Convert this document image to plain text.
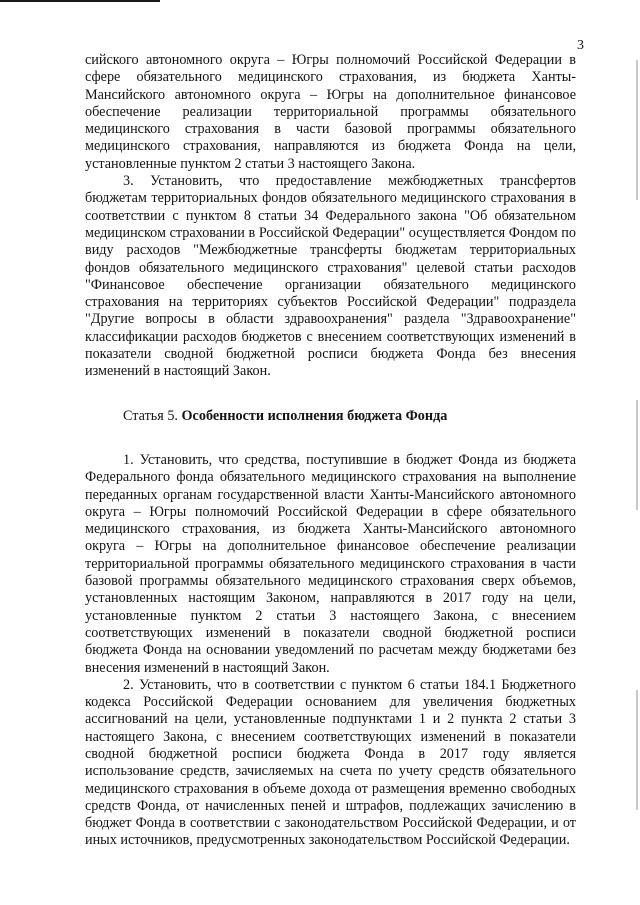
3

сийского автономного округа – Югры полномочий Российской Федерации в сфере обязательного медицинского страхования, из бюджета Ханты-Мансийского автономного округа – Югры на дополнительное финансовое обеспечение реализации территориальной программы обязательного медицинского страхования в части базовой программы обязательного медицинского страхования, направляются из бюджета Фонда на цели, установленные пунктом 2 статьи 3 настоящего Закона.

3. Установить, что предоставление межбюджетных трансфертов бюджетам территориальных фондов обязательного медицинского страхования в соответствии с пунктом 8 статьи 34 Федерального закона "Об обязательном медицинском страховании в Российской Федерации" осуществляется Фондом по виду расходов "Межбюджетные трансферты бюджетам территориальных фондов обязательного медицинского страхования" целевой статьи расходов "Финансовое обеспечение организации обязательного медицинского страхования на территориях субъектов Российской Федерации" подраздела "Другие вопросы в области здравоохранения" раздела "Здравоохранение" классификации расходов бюджетов с внесением соответствующих изменений в показатели сводной бюджетной росписи бюджета Фонда без внесения изменений в настоящий Закон.

Статья 5. Особенности исполнения бюджета Фонда

1. Установить, что средства, поступившие в бюджет Фонда из бюджета Федерального фонда обязательного медицинского страхования на выполнение переданных органам государственной власти Ханты-Мансийского автономного округа – Югры полномочий Российской Федерации в сфере обязательного медицинского страхования, из бюджета Ханты-Мансийского автономного округа – Югры на дополнительное финансовое обеспечение реализации территориальной программы обязательного медицинского страхования в части базовой программы обязательного медицинского страхования сверх объемов, установленных настоящим Законом, направляются в 2017 году на цели, установленные пунктом 2 статьи 3 настоящего Закона, с внесением соответствующих изменений в показатели сводной бюджетной росписи бюджета Фонда на основании уведомлений по расчетам между бюджетами без внесения изменений в настоящий Закон.

2. Установить, что в соответствии с пунктом 6 статьи 184.1 Бюджетного кодекса Российской Федерации основанием для увеличения бюджетных ассигнований на цели, установленные подпунктами 1 и 2 пункта 2 статьи 3 настоящего Закона, с внесением соответствующих изменений в показатели сводной бюджетной росписи бюджета Фонда в 2017 году является использование средств, зачисляемых на счета по учету средств обязательного медицинского страхования в объеме дохода от размещения временно свободных средств Фонда, от начисленных пеней и штрафов, подлежащих зачислению в бюджет Фонда в соответствии с законодательством Российской Федерации, и от иных источников, предусмотренных законодательством Российской Федерации.
